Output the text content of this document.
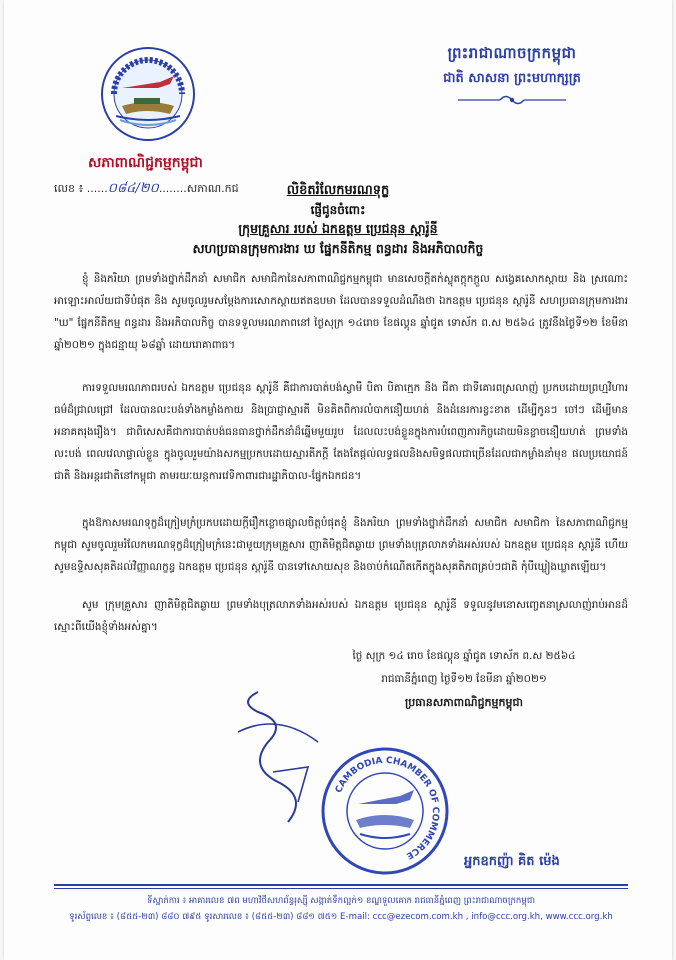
ព្រះរាជាណាចក្រកម្ពុជា
ជាតិ សាសនា ព្រះមហាក្សត្រ
សភាពាណិជ្ជកម្មកម្ពុជា
លេខ ៖ ......០៨៤/២០........សភាណ.កជ	លិខិតរំលែកមរណទុក្ខ
ផ្ញើជូនចំពោះ
ក្រុមគ្រួសារ របស់ ឯកឧត្តម ប្រេជនុន ស្តារ៉ូនី
សហប្រធានក្រុមការងារ ឃ ផ្នែកនីតិកម្ម ពន្ធដារ និងអភិបាលកិច្ច
ខ្ញុំ និងភរិយា ព្រមទាំងថ្នាក់ដឹកនាំ សមាជិក សមាជិកានៃសភាពាណិជ្ជកម្មកម្ពុជា មានសេចក្តីតក់ស្លុតក្តុកក្តួល សង្វេគសោកស្តាយ និង ស្រណោះអាឡោះអាល័យជាទីបំផុត និង សូមចូលរួមសម្តែងការសោកស្តាយឥតឧបមា ដែលបានទទួលដំណឹងថា ឯកឧត្តម ប្រេជនុន ស្តារ៉ូនី សហប្រធានក្រុមការងារ "ឃ" ផ្នែកនីតិកម្ម ពន្ធដារ និងអភិបាលកិច្ច បានទទួលមរណភាពនៅ ថ្ងៃសុក្រ ១៤រោច ខែផល្គុន ឆ្នាំជូត ទោស័ក ព.ស ២៥៦៤ ត្រូវនឹងថ្ងៃទី១២ ខែមីនា ឆ្នាំ២០២១ ក្នុងជន្មាយុ ៦៨ឆ្នាំ ដោយរោគាពាធ។
ការទទួលមរណភាពរបស់ ឯកឧត្តម ប្រេជនុន ស្តារ៉ូនី គឺជាការបាត់បង់ស្វាមី បិតា បិតាក្មេក និង ជីតា ជាទីគោរពស្រលាញ់ ប្រកបដោយព្រហ្មវិហារធម៌ដ៏ជ្រាលជ្រៅ ដែលបានលះបង់ទាំងកម្លាំងកាយ និងប្រាជ្ញាស្មារតី មិនគិតពីការលំបាកនឿយហត់ និងដំនេរការខ្វះខាត ដើម្បីកូនៗ ចៅៗ ដើម្បីមានអនាគតរុងរឿង។ ជាពិសេសគឺជាការបាត់បង់ធនធានថ្នាក់ដឹកនាំដ៏ឆ្នើមមួយរូប ដែលលះបង់ខ្លួនក្នុងការបំពេញភារកិច្ចដោយមិនខ្លាចនឿយហត់ ព្រមទាំងលះបង់ ពេលវេលាផ្ទាល់ខ្លួន ក្នុងចូលរួមយ៉ាងសកម្មប្រកបដោយស្មារតីភក្តី តែងតែផ្តល់លទ្ធផលនិងសមិទ្ធផលជាច្រើនដែលជាកម្លាំងនាំមុខ ផលប្រយោជន៍ជាតិ និងអន្តរជាតិនៅកម្ពុជា តាមរយៈយន្តការវេទិកាពារជារដ្ឋាភិបាល-ផ្នែកឯកជន។
ក្នុងឱកាសមរណទុក្ខដ៏ក្រៀមក្រំប្រកបដោយក្តីរឿកខ្លោចផ្សាលចិត្តបំផុតខ្ញុំ និងភរិយា ព្រមទាំងថ្នាក់ដឹកនាំ សមាជិក សមាជិកា នៃសភាពាណិជ្ជកម្មកម្ពុជា សូមចូលរួមរំលែកមរណទុក្ខដ៏ក្រៀមក្រំនេះជាមួយក្រុមគ្រួសារ ញាតិមិត្តជិតឆ្ងាយ ព្រមទាំងបុត្រលាភទាំងអស់របស់ ឯកឧត្តម ប្រេជនុន ស្តារ៉ូនី ហើយសូមឧទ្ទិសសុគតិដល់វិញ្ញាណក្ខន្ធ ឯកឧត្តម ប្រេជនុន ស្តារ៉ូនី បានទៅសោយសុខ និងចាប់កំណើតកើតក្នុងសុគតិភពគ្រប់ៗជាតិ កុំបីឃ្លៀងឃ្លាតឡើយ។
សូម ក្រុមគ្រួសារ ញាតិមិត្តជិតឆ្ងាយ ព្រមទាំងបុត្រលាភទាំងអស់របស់ ឯកឧត្តម ប្រេជនុន ស្តារ៉ូនី ទទួលនូវមនោសញ្ចេតនាស្រលាញ់រាប់អានដ៏ស្មោះពីយើងខ្ញុំទាំងអស់គ្នា។
ថ្ងៃ សុក្រ ១៤ រោច ខែផល្គុន ឆ្នាំជូត ទោស័ក ព.ស ២៥៦៤
រាជធានីភ្នំពេញ ថ្ងៃទី១២ ខែមីនា ឆ្នាំ២០២១
ប្រធានសភាពាណិជ្ជកម្មកម្ពុជា
CAMBODIA CHAMBER OF COMMERCE	អ្នកឧកញ៉ា គិត ម៉េង
ទីស្នាក់ការ ៖ អាគារលេខ ៧ព មហាវិថីសហព័ន្ធរុស្ស៊ី សង្កាត់ទឹកល្អក់១ ខណ្ឌទួលគោក រាជធានីភ្នំពេញ ព្រះរាជាណាចក្រកម្ពុជា
ទូរស័ព្ទលេខ ៖ (៨៥៥-២៣) ៨៨០ ៧៩៥ ទូរសារលេខ ៖ (៨៥៥-២៣) ៨៨១ ៧៥១ E-mail: ccc@ezecom.com.kh , info@ccc.org.kh, www.ccc.org.kh
